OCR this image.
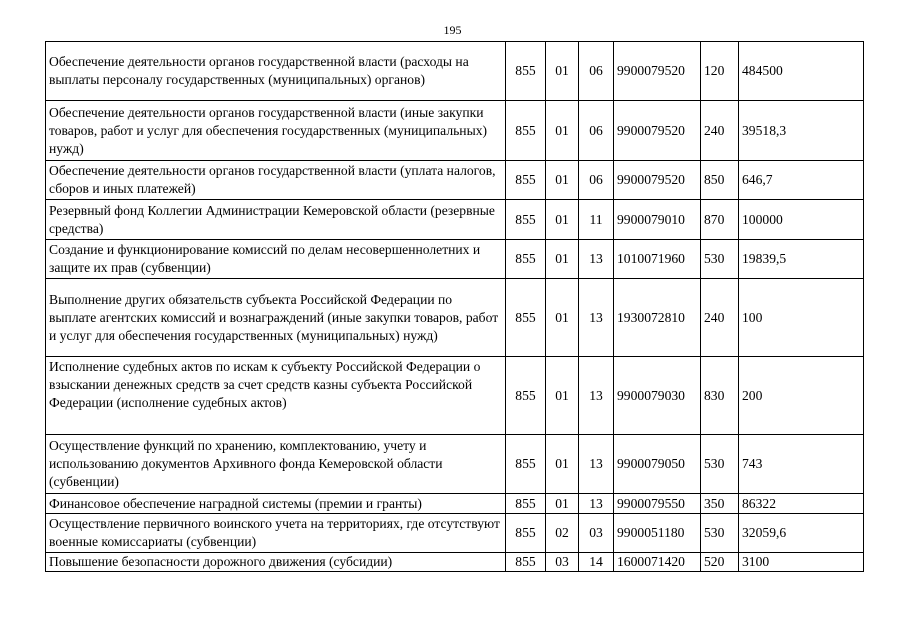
195
Обеспечение деятельности органов государственной власти (расходы на выплаты персоналу государственных (муниципальных) органов)	855	01	06	9900079520	120	484500
Обеспечение деятельности органов государственной власти (иные закупки товаров, работ и услуг для обеспечения государственных (муниципальных) нужд)	855	01	06	9900079520	240	39518,3
Обеспечение деятельности органов государственной власти (уплата налогов, сборов и иных платежей)	855	01	06	9900079520	850	646,7
Резервный фонд Коллегии Администрации Кемеровской области (резервные средства)	855	01	11	9900079010	870	100000
Создание и функционирование комиссий по делам несовершеннолетних и защите их прав (субвенции)	855	01	13	1010071960	530	19839,5
Выполнение других обязательств субъекта Российской Федерации по выплате агентских комиссий и вознаграждений (иные закупки товаров, работ и услуг для обеспечения государственных (муниципальных) нужд)	855	01	13	1930072810	240	100
Исполнение судебных актов по искам к субъекту Российской Федерации о взыскании денежных средств за счет средств казны субъекта Российской Федерации (исполнение судебных актов)	855	01	13	9900079030	830	200
Осуществление функций по хранению, комплектованию, учету и использованию документов Архивного фонда Кемеровской области (субвенции)	855	01	13	9900079050	530	743
Финансовое обеспечение наградной системы (премии и гранты)	855	01	13	9900079550	350	86322
Осуществление первичного воинского учета на территориях, где отсутствуют военные комиссариаты (субвенции)	855	02	03	9900051180	530	32059,6
Повышение безопасности дорожного движения (субсидии)	855	03	14	1600071420	520	3100
